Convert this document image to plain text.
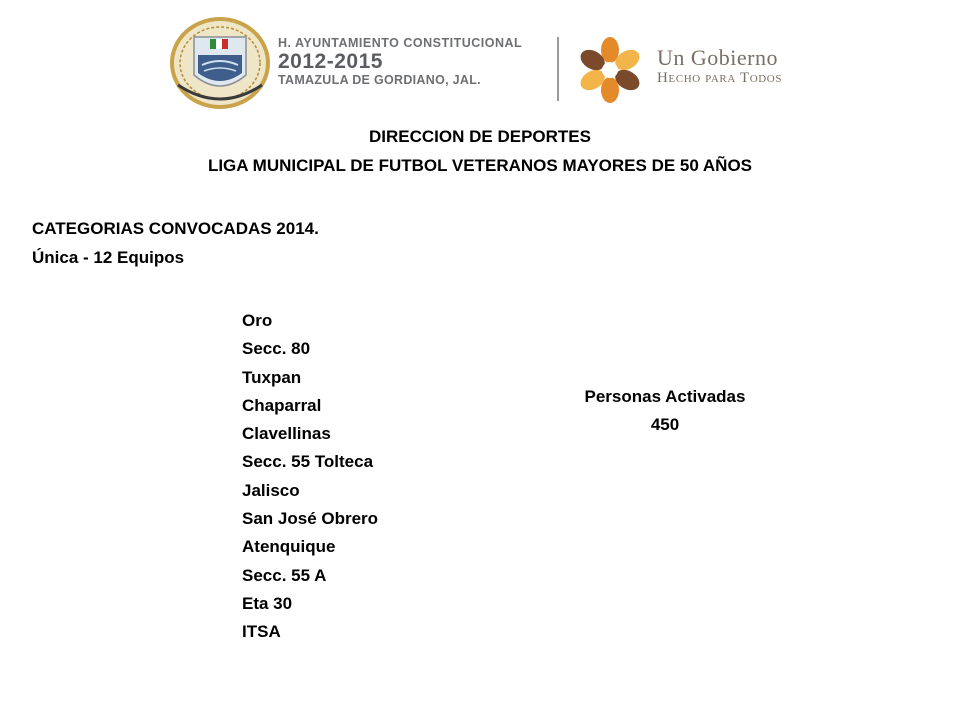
H. AYUNTAMIENTO CONSTITUCIONAL
2012-2015
TAMAZULA DE GORDIANO, JAL.
Un Gobierno
Hecho para Todos
DIRECCION DE DEPORTES
LIGA MUNICIPAL DE FUTBOL VETERANOS MAYORES DE 50 AÑOS
CATEGORIAS CONVOCADAS 2014.
Única - 12 Equipos
Oro
Secc. 80
Tuxpan
Chaparral
Clavellinas
Secc. 55 Tolteca
Jalisco
San José Obrero
Atenquique
Secc. 55 A
Eta 30
ITSA
Personas Activadas
450
